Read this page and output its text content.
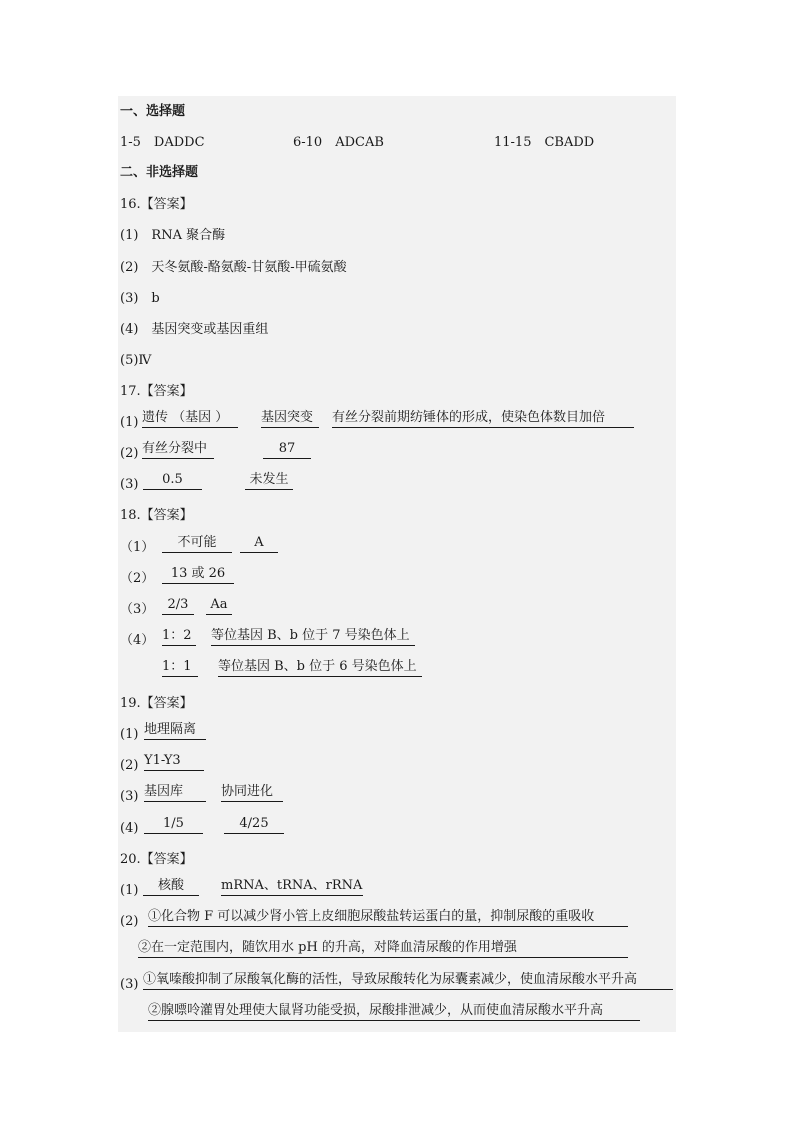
一、选择题
1-5　DADDC	6-10　ADCAB	11-15　CBADD
二、非选择题
16.【答案】
(1)　RNA 聚合酶
(2)　天冬氨酸-酪氨酸-甘氨酸-甲硫氨酸
(3)　b
(4)　基因突变或基因重组
(5)Ⅳ
17.【答案】
(1) 遗传 （基因 ）	基因突变	有丝分裂前期纺锤体的形成，使染色体数目加倍
(2) 有丝分裂中	87
(3)	0.5	未发生
18.【答案】
（1）	不可能	A
（2）	13 或 26
（3）	2/3	Aa
（4） 1：2	等位基因 B、b 位于 7 号染色体上
1：1	等位基因 B、b 位于 6 号染色体上
19.【答案】
(1) 地理隔离
(2) Y1-Y3
(3) 基因库	协同进化
(4)	1/5	4/25
20.【答案】
(1)	核酸	mRNA、tRNA、rRNA
(2) ①化合物 F 可以减少肾小管上皮细胞尿酸盐转运蛋白的量，抑制尿酸的重吸收
②在一定范围内，随饮用水 pH 的升高，对降血清尿酸的作用增强
(3) ①氧嗪酸抑制了尿酸氧化酶的活性，导致尿酸转化为尿囊素减少，使血清尿酸水平升高
②腺嘌呤灌胃处理使大鼠肾功能受损，尿酸排泄减少，从而使血清尿酸水平升高
